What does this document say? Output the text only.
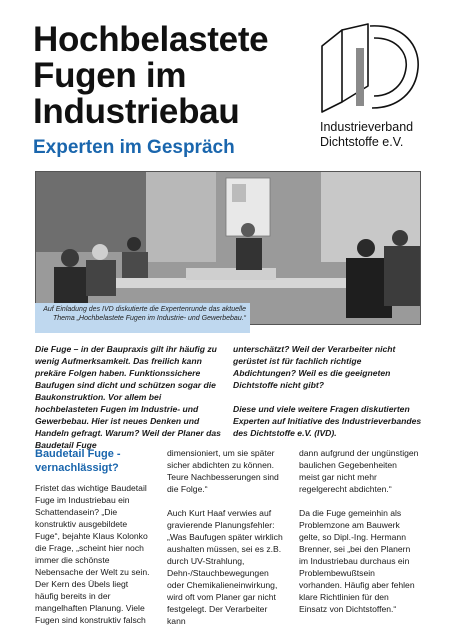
Hochbelastete
Fugen im
Industriebau
Experten im Gespräch
Industrieverband
Dichtstoffe e.V.
Auf Einladung des IVD diskutierte die Expertenrunde das aktuelle Thema „Hochbelastete Fugen im Industrie- und Gewerbebau.“

Die Fuge – in der Baupraxis gilt ihr häufig zu wenig Aufmerksamkeit. Das freilich kann prekäre Folgen haben. Funktionssichere Baufugen sind dicht und schützen sogar die Baukonstruktion. Vor allem bei hochbelasteten Fugen im Industrie- und Gewerbebau. Hier ist neues Denken und Handeln gefragt. Warum? Weil der Planer das Baudetail Fuge

unterschätzt? Weil der Verarbeiter nicht gerüstet ist für fachlich richtige Abdichtungen? Weil es die geeigneten Dichtstoffe nicht gibt?

Diese und viele weitere Fragen diskutierten Experten auf Initiative des Industrieverbandes des Dichtstoffe e.V. (IVD).

Baudetail Fuge - vernachlässigt?

Fristet das wichtige Baudetail Fuge im Industriebau ein Schattendasein? „Die konstruktiv ausgebildete Fuge“, bejahte Klaus Kolonko die Frage, „scheint hier noch immer die schönste Nebensache der Welt zu sein. Der Kern des Übels liegt häufig bereits in der mangelhaften Planung. Viele Fugen sind konstruktiv falsch

dimensioniert, um sie später sicher abdichten zu können. Teure Nachbesserungen sind die Folge.“

Auch Kurt Haaf verwies auf gravierende Planungsfehler: „Was Baufugen später wirklich aushalten müssen, sei es z.B. durch UV-Strahlung, Dehn-/Stauchbewegungen oder Chemikalieneinwirkung, wird oft vom Planer gar nicht festgelegt. Der Verarbeiter kann

dann aufgrund der ungünstigen baulichen Gegebenheiten meist gar nicht mehr regelgerecht abdichten.“

Da die Fuge gemeinhin als Problemzone am Bauwerk gelte, so Dipl.-Ing. Hermann Brenner, sei „bei den Planern im Industriebau durchaus ein Problembewußtsein vorhanden. Häufig aber fehlen klare Richtlinien für den Einsatz von Dichtstoffen.“
